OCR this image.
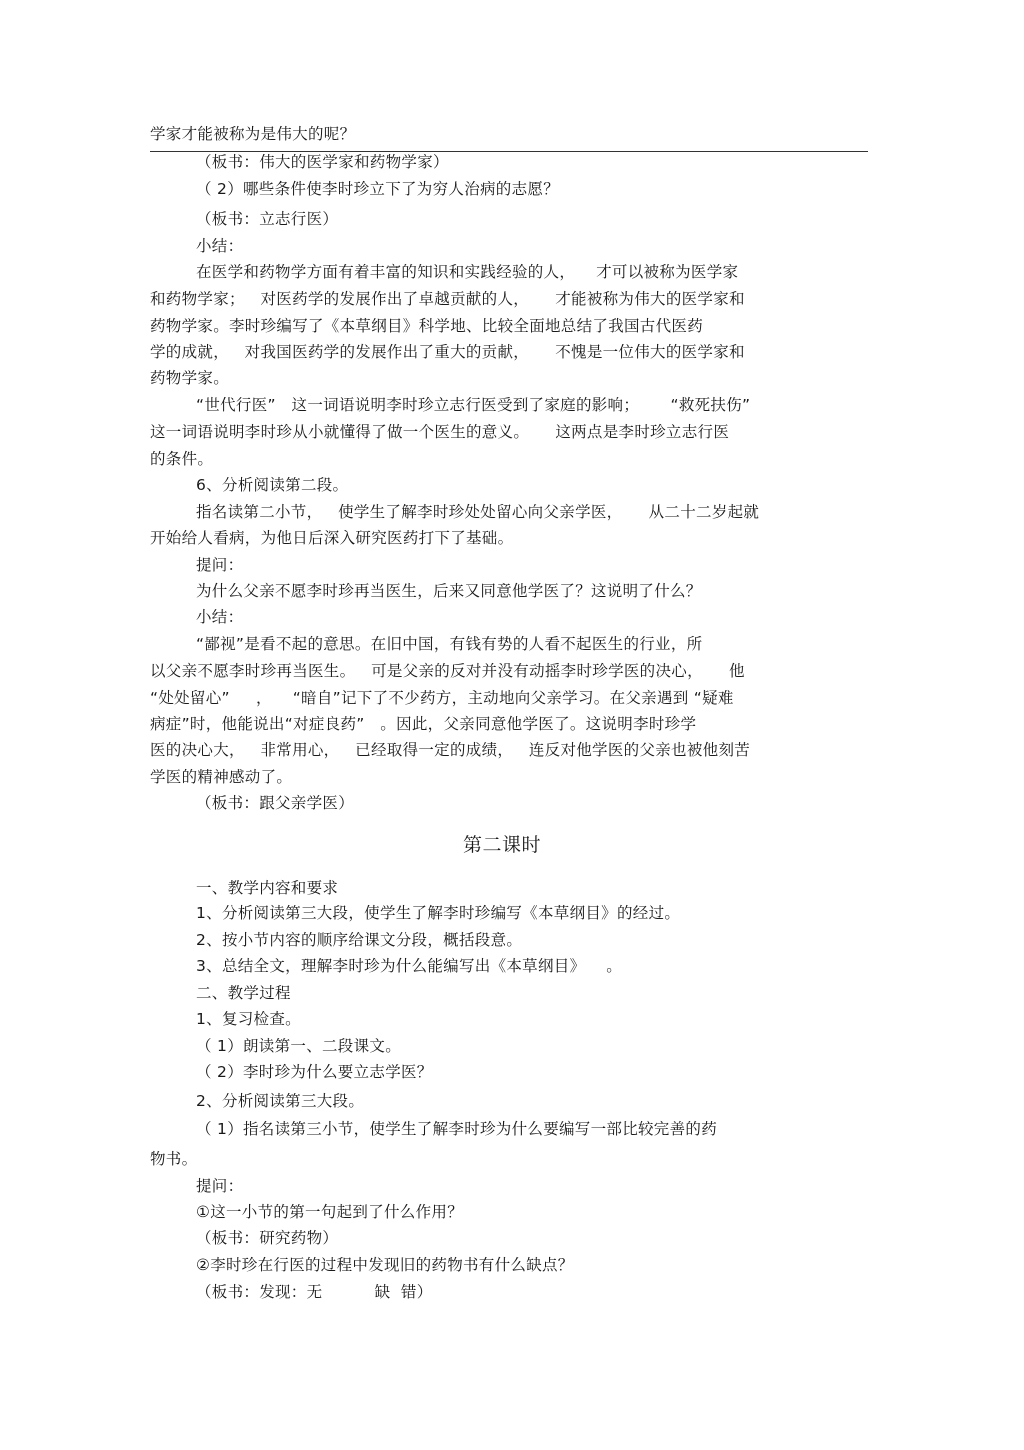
学家才能被称为是伟大的呢？
（板书：伟大的医学家和药物学家）
（ 2）哪些条件使李时珍立下了为穷人治病的志愿？
（板书：立志行医）
小结：
在医学和药物学方面有着丰富的知识和实践经验的人，    才可以被称为医学家
和药物学家；   对医药学的发展作出了卓越贡献的人，     才能被称为伟大的医学家和
药物学家。李时珍编写了《本草纲目》科学地、比较全面地总结了我国古代医药
学的成就，   对我国医药学的发展作出了重大的贡献，     不愧是一位伟大的医学家和
药物学家。
“世代行医”   这一词语说明李时珍立志行医受到了家庭的影响；      “救死扶伤”
这一词语说明李时珍从小就懂得了做一个医生的意义。     这两点是李时珍立志行医
的条件。
6、分析阅读第二段。
指名读第二小节，   使学生了解李时珍处处留心向父亲学医，     从二十二岁起就
开始给人看病，为他日后深入研究医药打下了基础。
提问：
为什么父亲不愿李时珍再当医生，后来又同意他学医了？这说明了什么？
小结：
“鄙视”是看不起的意思。在旧中国，有钱有势的人看不起医生的行业，所
以父亲不愿李时珍再当医生。   可是父亲的反对并没有动摇李时珍学医的决心，     他
“处处留心”     ，    “暗自”记下了不少药方，主动地向父亲学习。在父亲遇到 “疑难
病症”时，他能说出“对症良药”   。因此，父亲同意他学医了。这说明李时珍学
医的决心大，   非常用心，   已经取得一定的成绩，   连反对他学医的父亲也被他刻苦
学医的精神感动了。
（板书：跟父亲学医）
第二课时
一、教学内容和要求
1、分析阅读第三大段，使学生了解李时珍编写《本草纲目》的经过。
2、按小节内容的顺序给课文分段，概括段意。
3、总结全文，理解李时珍为什么能编写出《本草纲目》    。
二、教学过程
1、复习检查。
（ 1）朗读第一、二段课文。
（ 2）李时珍为什么要立志学医？
2、分析阅读第三大段。
（ 1）指名读第三小节，使学生了解李时珍为什么要编写一部比较完善的药
物书。
提问：
①这一小节的第一句起到了什么作用？
（板书：研究药物）
②李时珍在行医的过程中发现旧的药物书有什么缺点？
（板书：发现：无          缺  错）
